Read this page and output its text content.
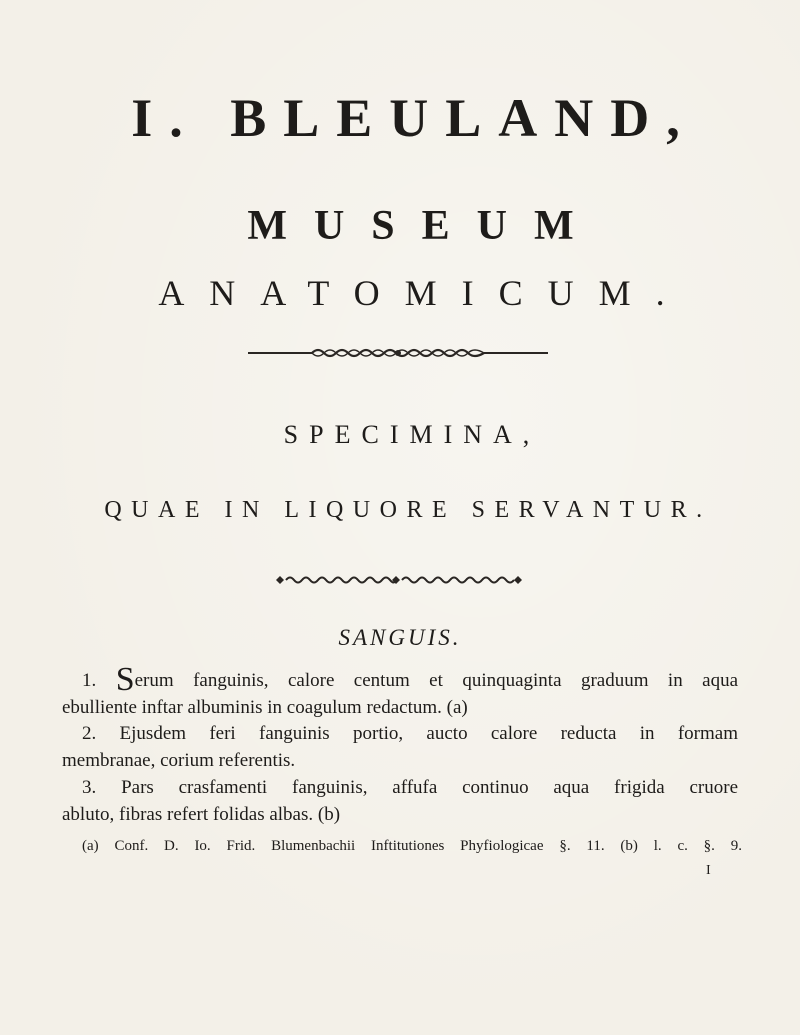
I. BLEULAND,
MUSEUM
ANATOMICUM.
SPECIMINA,
QUAE IN LIQUORE SERVANTUR.
SANGUIS.
1. Serum fanguinis, calore centum et quinquaginta graduum in aqua
ebulliente inftar albuminis in coagulum redactum. (a)
2. Ejusdem feri fanguinis portio, aucto calore reducta in formam
membranae, corium referentis.
3. Pars crasfamenti fanguinis, affufa continuo aqua frigida cruore
abluto, fibras refert folidas albas. (b)
(a) Conf. D. Io. Frid. Blumenbachii Inftitutiones Phyfiologicae §. 11. (b) l. c. §. 9.
I
